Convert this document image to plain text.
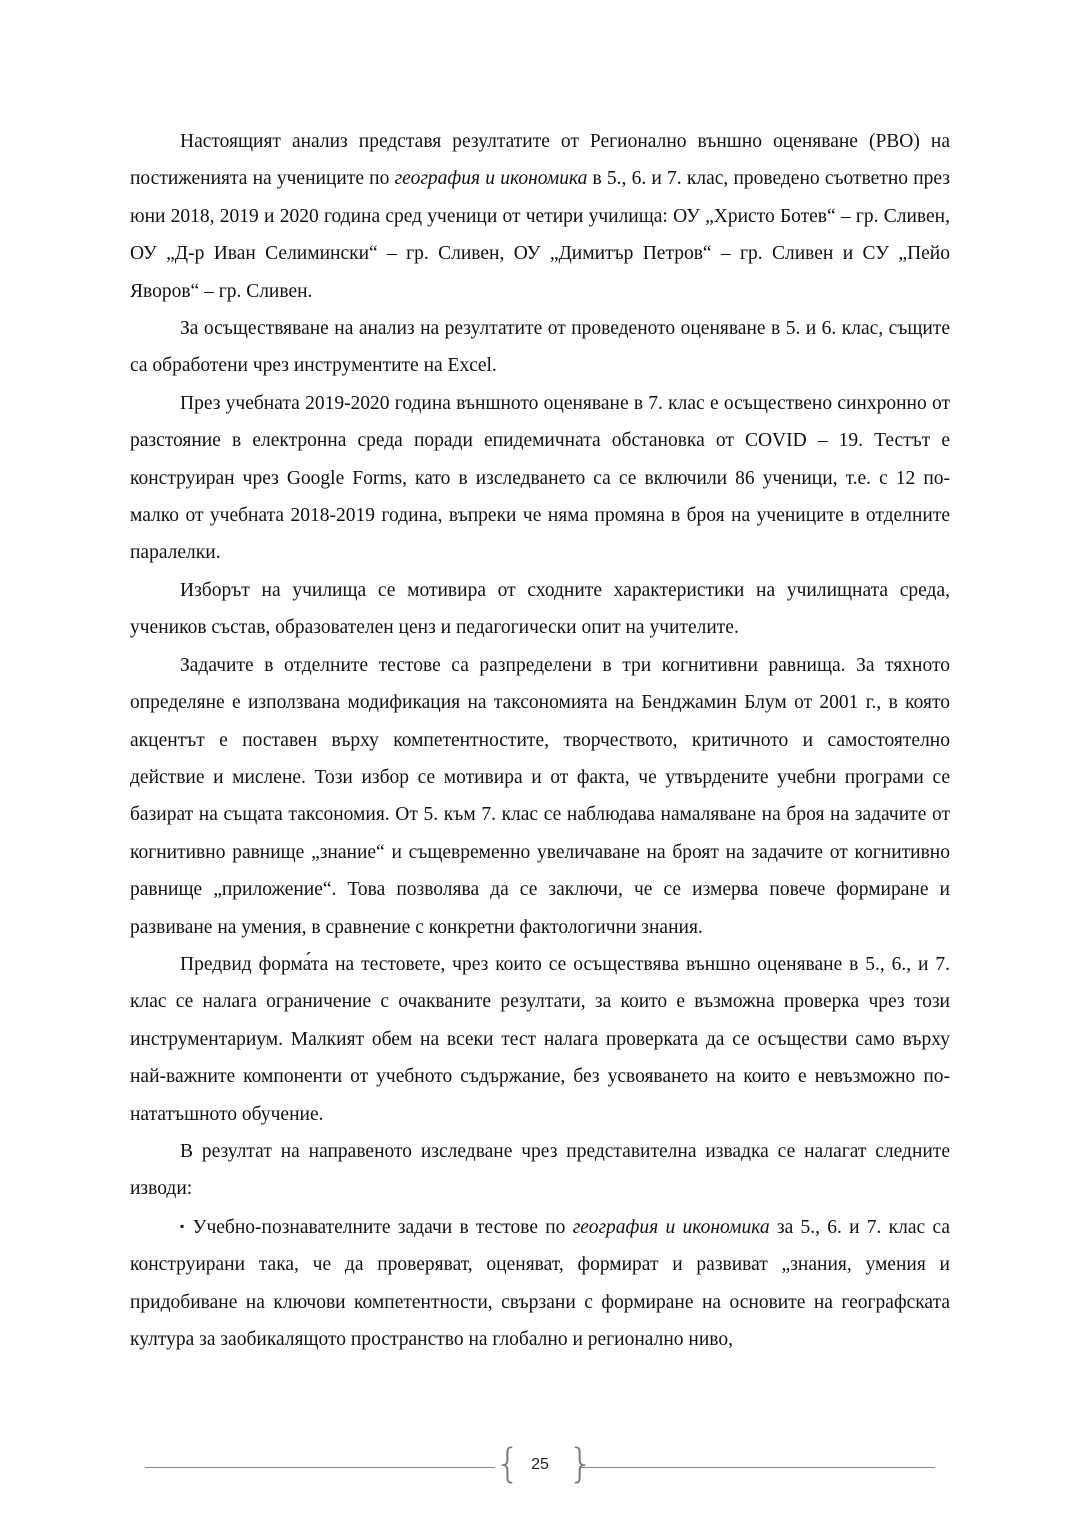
Настоящият анализ представя резултатите от Регионално външно оценяване (РВО) на постиженията на учениците по география и икономика в 5., 6. и 7. клас, проведено съответно през юни 2018, 2019 и 2020 година сред ученици от четири училища: ОУ „Христо Ботев“ – гр. Сливен, ОУ „Д-р Иван Селимински“ – гр. Сливен, ОУ „Димитър Петров“ – гр. Сливен и СУ „Пейо Яворов“ – гр. Сливен.

За осъществяване на анализ на резултатите от проведеното оценяване в 5. и 6. клас, същите са обработени чрез инструментите на Excel.

През учебната 2019-2020 година външното оценяване в 7. клас е осъществено синхронно от разстояние в електронна среда поради епидемичната обстановка от COVID – 19. Тестът е конструиран чрез Google Forms, като в изследването са се включили 86 ученици, т.е. с 12 по-малко от учебната 2018-2019 година, въпреки че няма промяна в броя на учениците в отделните паралелки.

Изборът на училища се мотивира от сходните характеристики на училищната среда, учеников състав, образователен ценз и педагогически опит на учителите.

Задачите в отделните тестове са разпределени в три когнитивни равнища. За тяхното определяне е използвана модификация на таксономията на Бенджамин Блум от 2001 г., в която акцентът е поставен върху компетентностите, творчеството, критичното и самостоятелно действие и мислене. Този избор се мотивира и от факта, че утвърдените учебни програми се базират на същата таксономия. От 5. към 7. клас се наблюдава намаляване на броя на задачите от когнитивно равнище „знание“ и същевременно увеличаване на броят на задачите от когнитивно равнище „приложение“. Това позволява да се заключи, че се измерва повече формиране и развиване на умения, в сравнение с конкретни фактологични знания.

Предвид форма́та на тестовете, чрез които се осъществява външно оценяване в 5., 6., и 7. клас се налага ограничение с очакваните резултати, за които е възможна проверка чрез този инструментариум. Малкият обем на всеки тест налага проверката да се осъществи само върху най-важните компоненти от учебното съдържание, без усвояването на които е невъзможно по-нататъшното обучение.

В резултат на направеното изследване чрез представителна извадка се налагат следните изводи:

▪ Учебно-познавателните задачи в тестове по география и икономика за 5., 6. и 7. клас са конструирани така, че да проверяват, оценяват, формират и развиват „знания, умения и придобиване на ключови компетентности, свързани с формиране на основите на географската култура за заобикалящото пространство на глобално и регионално ниво,

{ 25 }
